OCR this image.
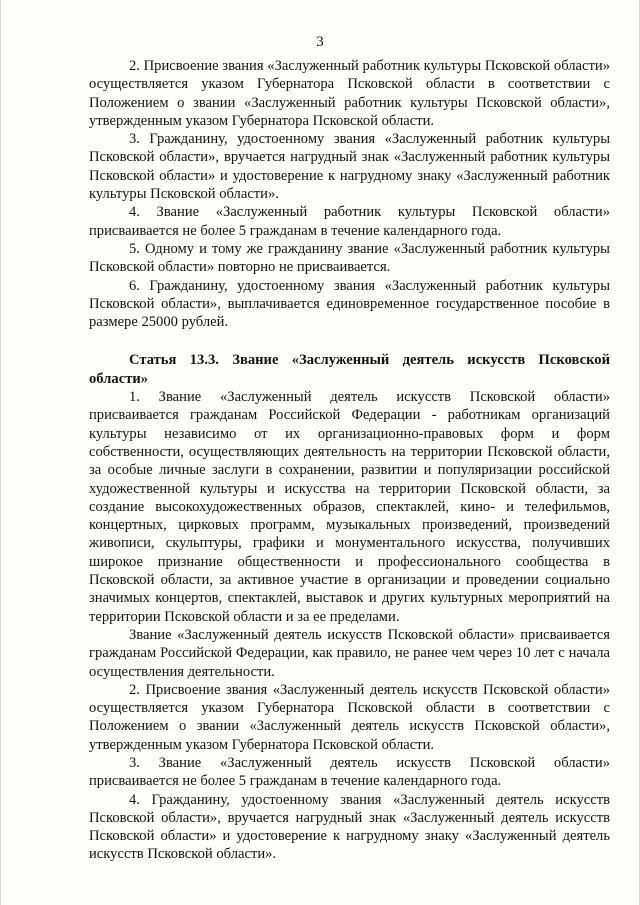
3

2. Присвоение звания «Заслуженный работник культуры Псковской области» осуществляется указом Губернатора Псковской области в соответствии с Положением о звании «Заслуженный работник культуры Псковской области», утвержденным указом Губернатора Псковской области.

3. Гражданину, удостоенному звания «Заслуженный работник культуры Псковской области», вручается нагрудный знак «Заслуженный работник культуры Псковской области» и удостоверение к нагрудному знаку «Заслуженный работник культуры Псковской области».

4. Звание «Заслуженный работник культуры Псковской области» присваивается не более 5 гражданам в течение календарного года.

5. Одному и тому же гражданину звание «Заслуженный работник культуры Псковской области» повторно не присваивается.

6. Гражданину, удостоенному звания «Заслуженный работник культуры Псковской области», выплачивается единовременное государственное пособие в размере 25000 рублей.

Статья 13.3. Звание «Заслуженный деятель искусств Псковской области»

1. Звание «Заслуженный деятель искусств Псковской области» присваивается гражданам Российской Федерации - работникам организаций культуры независимо от их организационно-правовых форм и форм собственности, осуществляющих деятельность на территории Псковской области, за особые личные заслуги в сохранении, развитии и популяризации российской художественной культуры и искусства на территории Псковской области, за создание высокохудожественных образов, спектаклей, кино- и телефильмов, концертных, цирковых программ, музыкальных произведений, произведений живописи, скульптуры, графики и монументального искусства, получивших широкое признание общественности и профессионального сообщества в Псковской области, за активное участие в организации и проведении социально значимых концертов, спектаклей, выставок и других культурных мероприятий на территории Псковской области и за ее пределами.

Звание «Заслуженный деятель искусств Псковской области» присваивается гражданам Российской Федерации, как правило, не ранее чем через 10 лет с начала осуществления деятельности.

2. Присвоение звания «Заслуженный деятель искусств Псковской области» осуществляется указом Губернатора Псковской области в соответствии с Положением о звании «Заслуженный деятель искусств Псковской области», утвержденным указом Губернатора Псковской области.

3. Звание «Заслуженный деятель искусств Псковской области» присваивается не более 5 гражданам в течение календарного года.

4. Гражданину, удостоенному звания «Заслуженный деятель искусств Псковской области», вручается нагрудный знак «Заслуженный деятель искусств Псковской области» и удостоверение к нагрудному знаку «Заслуженный деятель искусств Псковской области».
